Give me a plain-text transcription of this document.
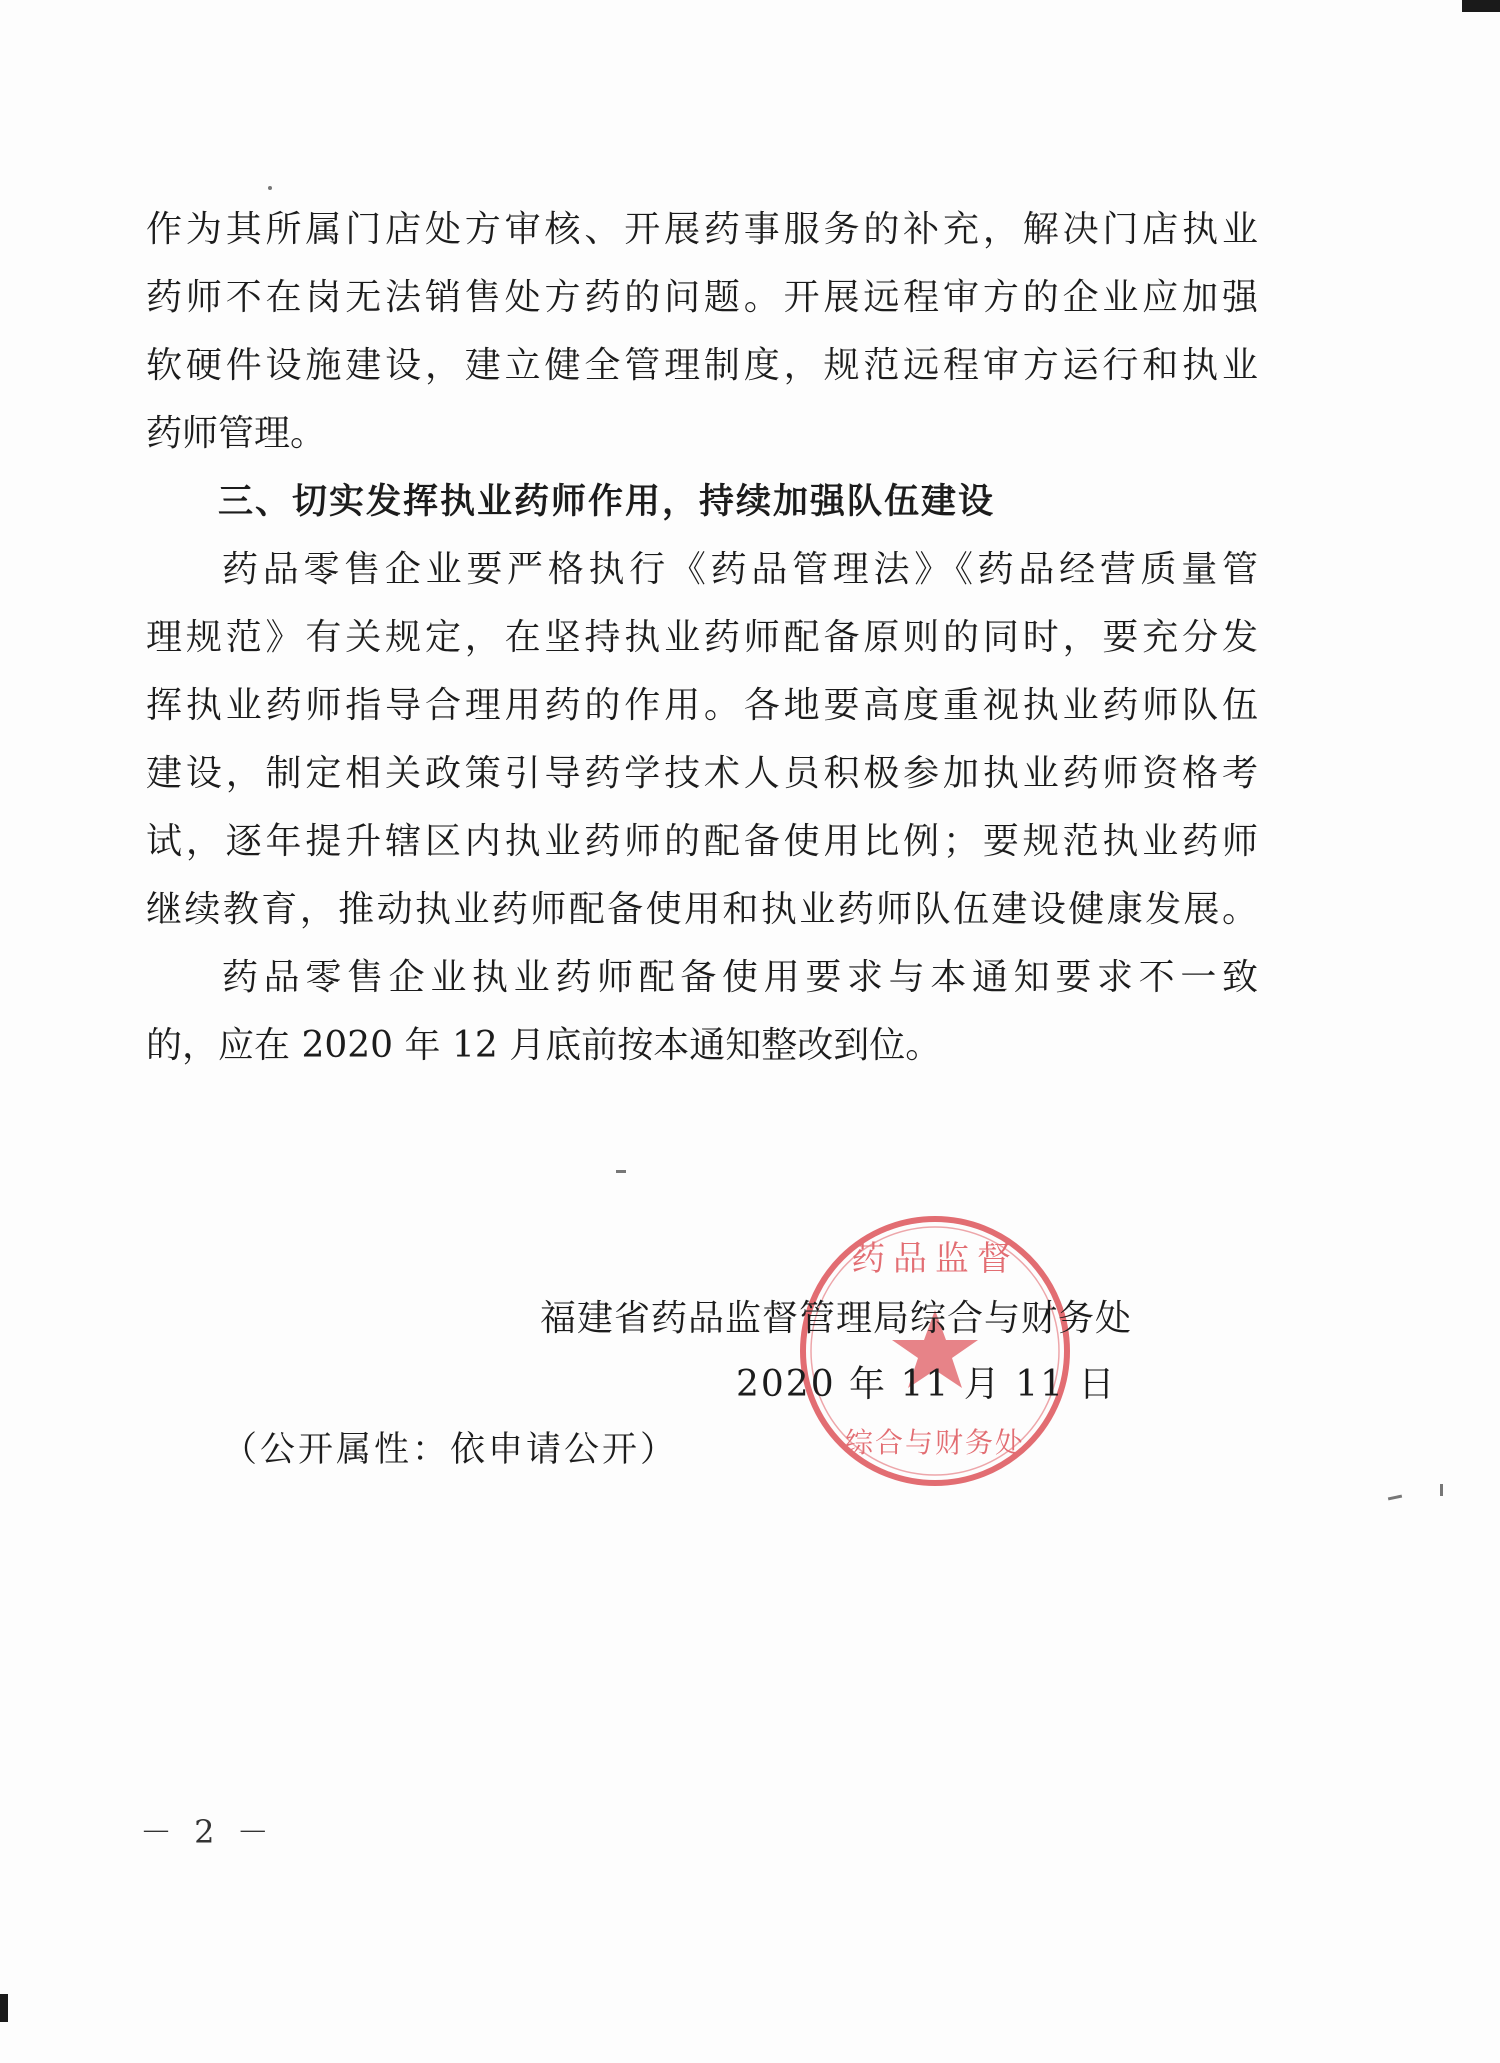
作为其所属门店处方审核、开展药事服务的补充，解决门店执业
药师不在岗无法销售处方药的问题。开展远程审方的企业应加强
软硬件设施建设，建立健全管理制度，规范远程审方运行和执业
药师管理。
三、切实发挥执业药师作用，持续加强队伍建设
药品零售企业要严格执行《药品管理法》《药品经营质量管
理规范》有关规定，在坚持执业药师配备原则的同时，要充分发
挥执业药师指导合理用药的作用。各地要高度重视执业药师队伍
建设，制定相关政策引导药学技术人员积极参加执业药师资格考
试，逐年提升辖区内执业药师的配备使用比例；要规范执业药师
继续教育，推动执业药师配备使用和执业药师队伍建设健康发展。
药品零售企业执业药师配备使用要求与本通知要求不一致
的，应在 2020 年 12 月底前按本通知整改到位。
药品监督
综合与财务处
福建省药品监督管理局综合与财务处
2020 年 11 月 11 日
（公开属性：依申请公开）
－ 2 －
